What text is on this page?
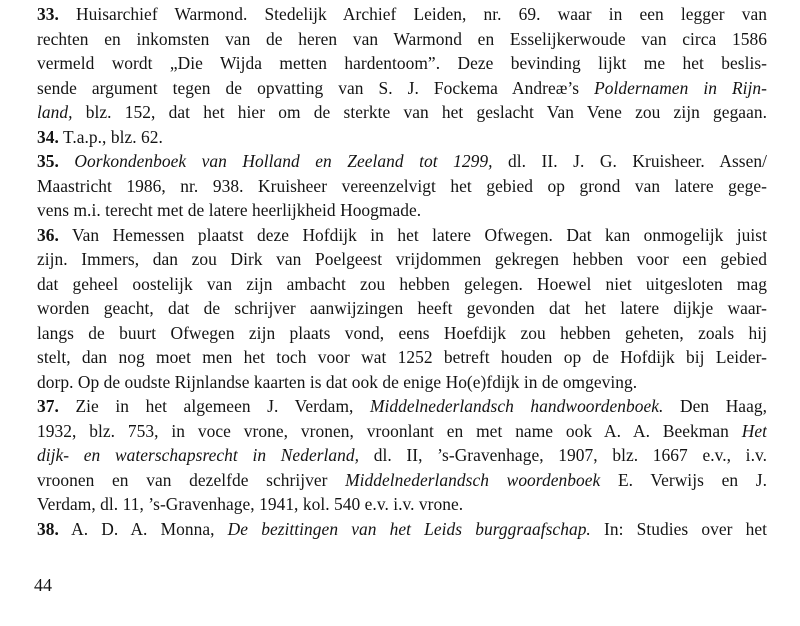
33. Huisarchief Warmond. Stedelijk Archief Leiden, nr. 69. waar in een legger van
rechten en inkomsten van de heren van Warmond en Esselijkerwoude van circa 1586
vermeld wordt „Die Wijda metten hardentoom”. Deze bevinding lijkt me het beslis-
sende argument tegen de opvatting van S. J. Fockema Andreæ’s Poldernamen in Rijn-
land, blz. 152, dat het hier om de sterkte van het geslacht Van Vene zou zijn gegaan.
34. T.a.p., blz. 62.
35. Oorkondenboek van Holland en Zeeland tot 1299, dl. II. J. G. Kruisheer. Assen/
Maastricht 1986, nr. 938. Kruisheer vereenzelvigt het gebied op grond van latere gege-
vens m.i. terecht met de latere heerlijkheid Hoogmade.
36. Van Hemessen plaatst deze Hofdijk in het latere Ofwegen. Dat kan onmogelijk juist
zijn. Immers, dan zou Dirk van Poelgeest vrijdommen gekregen hebben voor een gebied
dat geheel oostelijk van zijn ambacht zou hebben gelegen. Hoewel niet uitgesloten mag
worden geacht, dat de schrijver aanwijzingen heeft gevonden dat het latere dijkje waar-
langs de buurt Ofwegen zijn plaats vond, eens Hoefdijk zou hebben geheten, zoals hij
stelt, dan nog moet men het toch voor wat 1252 betreft houden op de Hofdijk bij Leider-
dorp. Op de oudste Rijnlandse kaarten is dat ook de enige Ho(e)fdijk in de omgeving.
37. Zie in het algemeen J. Verdam, Middelnederlandsch handwoordenboek. Den Haag,
1932, blz. 753, in voce vrone, vronen, vroonlant en met name ook A. A. Beekman Het
dijk- en waterschapsrecht in Nederland, dl. II, ’s-Gravenhage, 1907, blz. 1667 e.v., i.v.
vroonen en van dezelfde schrijver Middelnederlandsch woordenboek E. Verwijs en J.
Verdam, dl. 11, ’s-Gravenhage, 1941, kol. 540 e.v. i.v. vrone.
38. A. D. A. Monna, De bezittingen van het Leids burggraafschap. In: Studies over het
44
